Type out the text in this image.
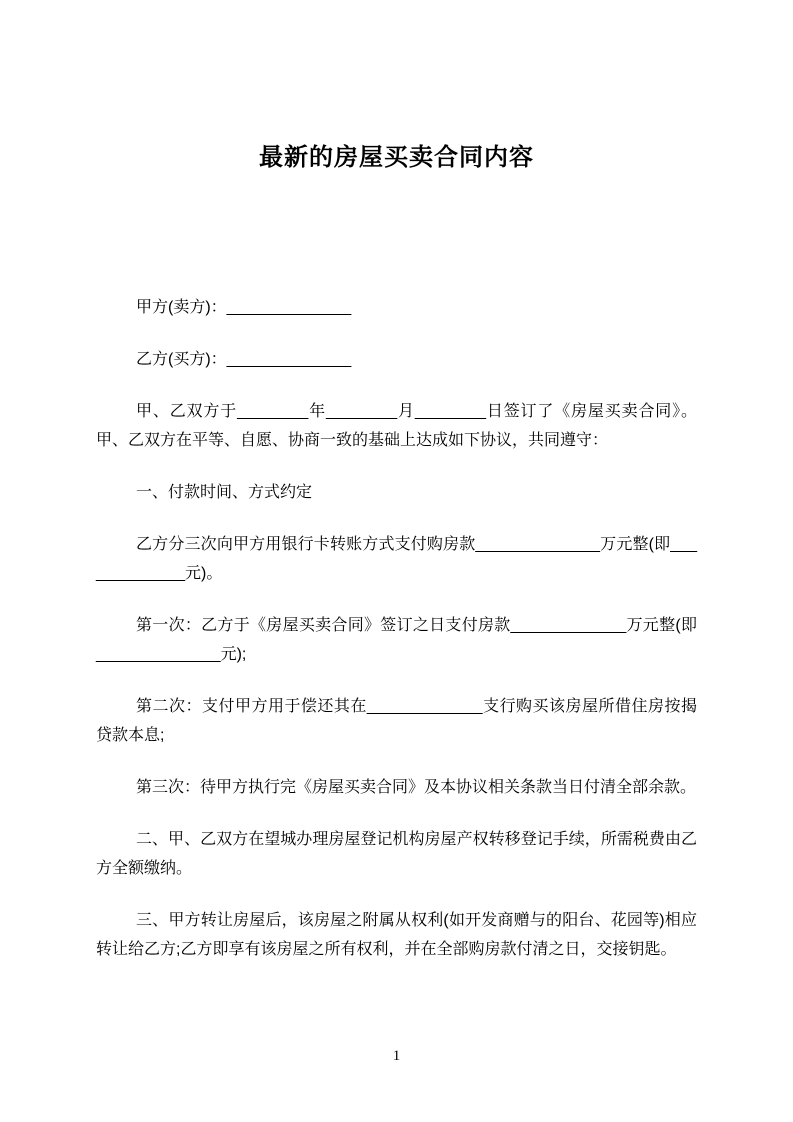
最新的房屋买卖合同内容

甲方(卖方)：______________

乙方(买方)：______________

甲、乙双方于________年________月________日签订了《房屋买卖合同》。甲、乙双方在平等、自愿、协商一致的基础上达成如下协议，共同遵守：

一、付款时间、方式约定

乙方分三次向甲方用银行卡转账方式支付购房款______________万元整(即_____________元)。

第一次：乙方于《房屋买卖合同》签订之日支付房款_____________万元整(即______________元);

第二次：支付甲方用于偿还其在_____________支行购买该房屋所借住房按揭贷款本息;

第三次：待甲方执行完《房屋买卖合同》及本协议相关条款当日付清全部余款。

二、甲、乙双方在望城办理房屋登记机构房屋产权转移登记手续，所需税费由乙方全额缴纳。

三、甲方转让房屋后，该房屋之附属从权利(如开发商赠与的阳台、花园等)相应转让给乙方;乙方即享有该房屋之所有权利，并在全部购房款付清之日，交接钥匙。

1
